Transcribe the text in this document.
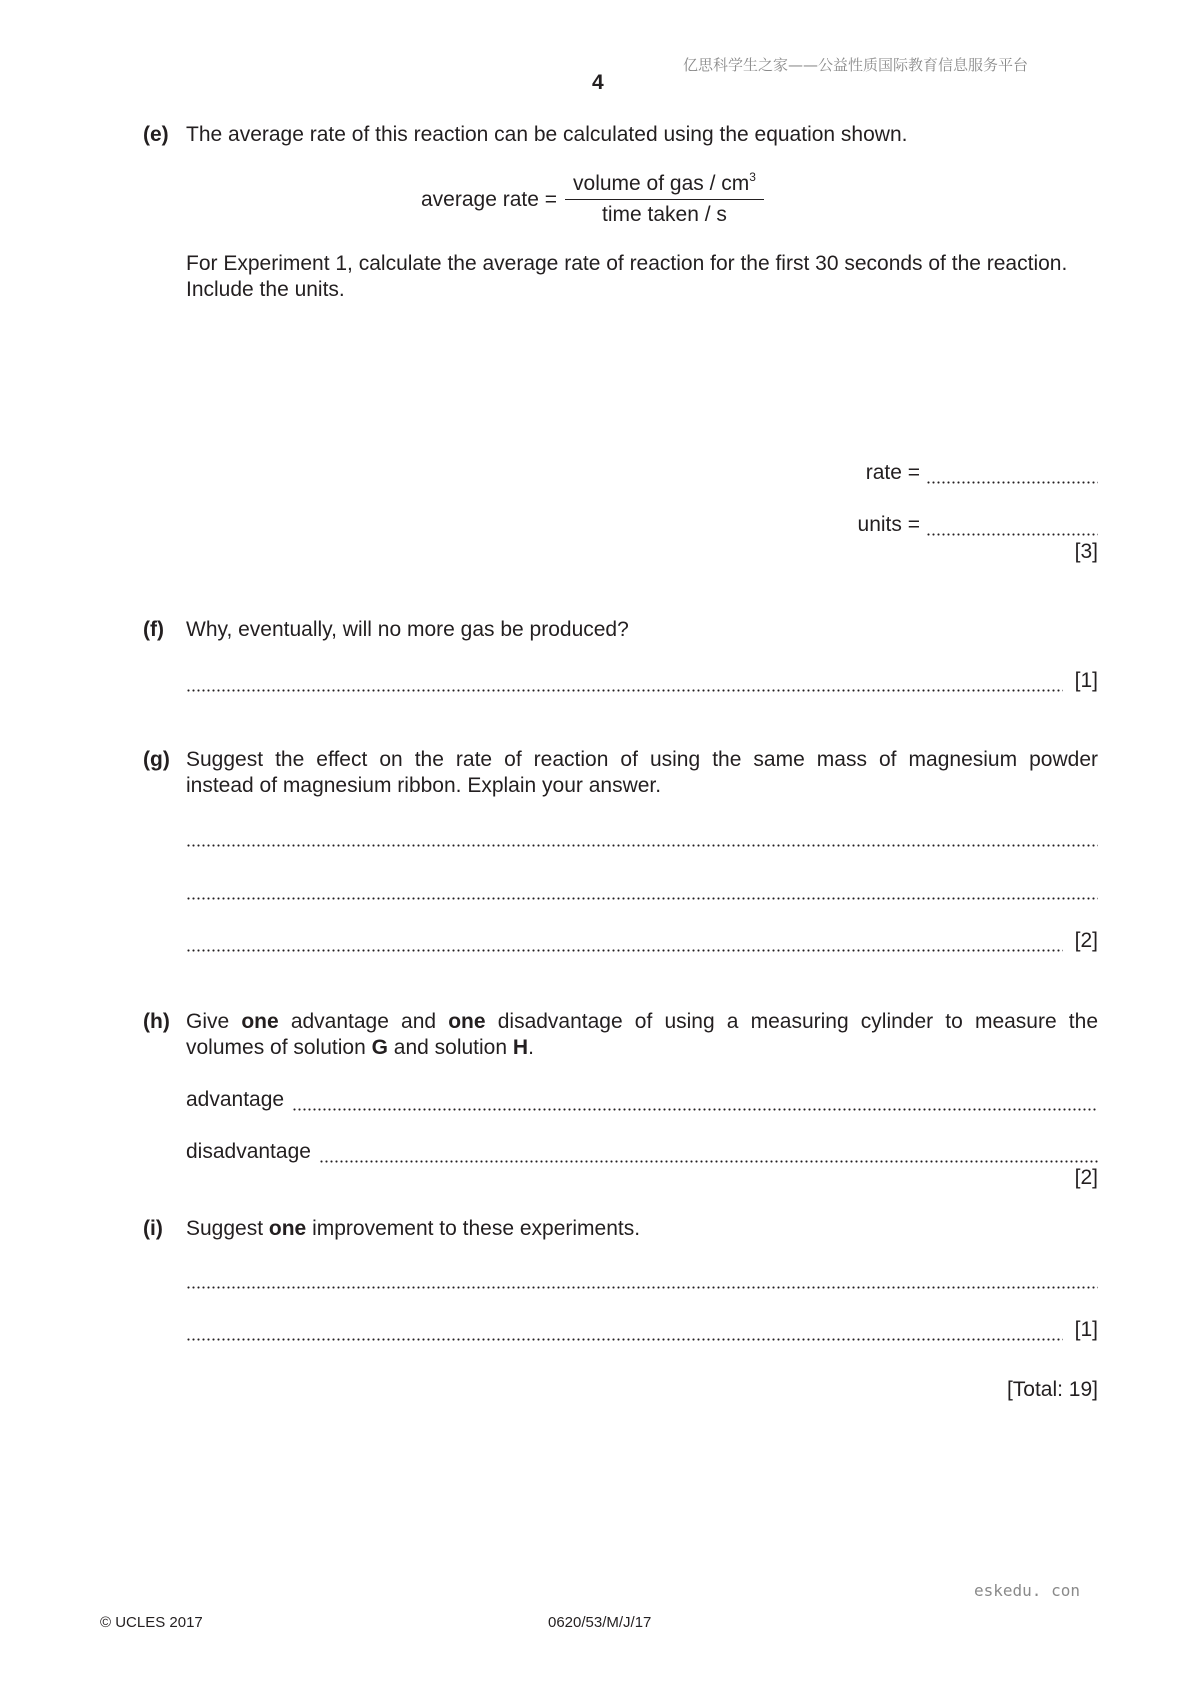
亿思科学生之家——公益性质国际教育信息服务平台
4
(e) The average rate of this reaction can be calculated using the equation shown.
average rate = $\frac{volume of gas / cm^3}{\text{time taken / s}}$
For Experiment 1, calculate the average rate of reaction for the first 30 seconds of the reaction.
Include the units.
rate =
units =
[3]
(f) Why, eventually, will no more gas be produced?
[1]
(g) Suggest the effect on the rate of reaction of using the same mass of magnesium powder
instead of magnesium ribbon. Explain your answer.
[2]
(h) Give one advantage and one disadvantage of using a measuring cylinder to measure the
volumes of solution G and solution H.
advantage
disadvantage
[2]
(i) Suggest one improvement to these experiments.
[1]
[Total: 19]
eskedu. con
© UCLES 2017	0620/53/M/J/17
